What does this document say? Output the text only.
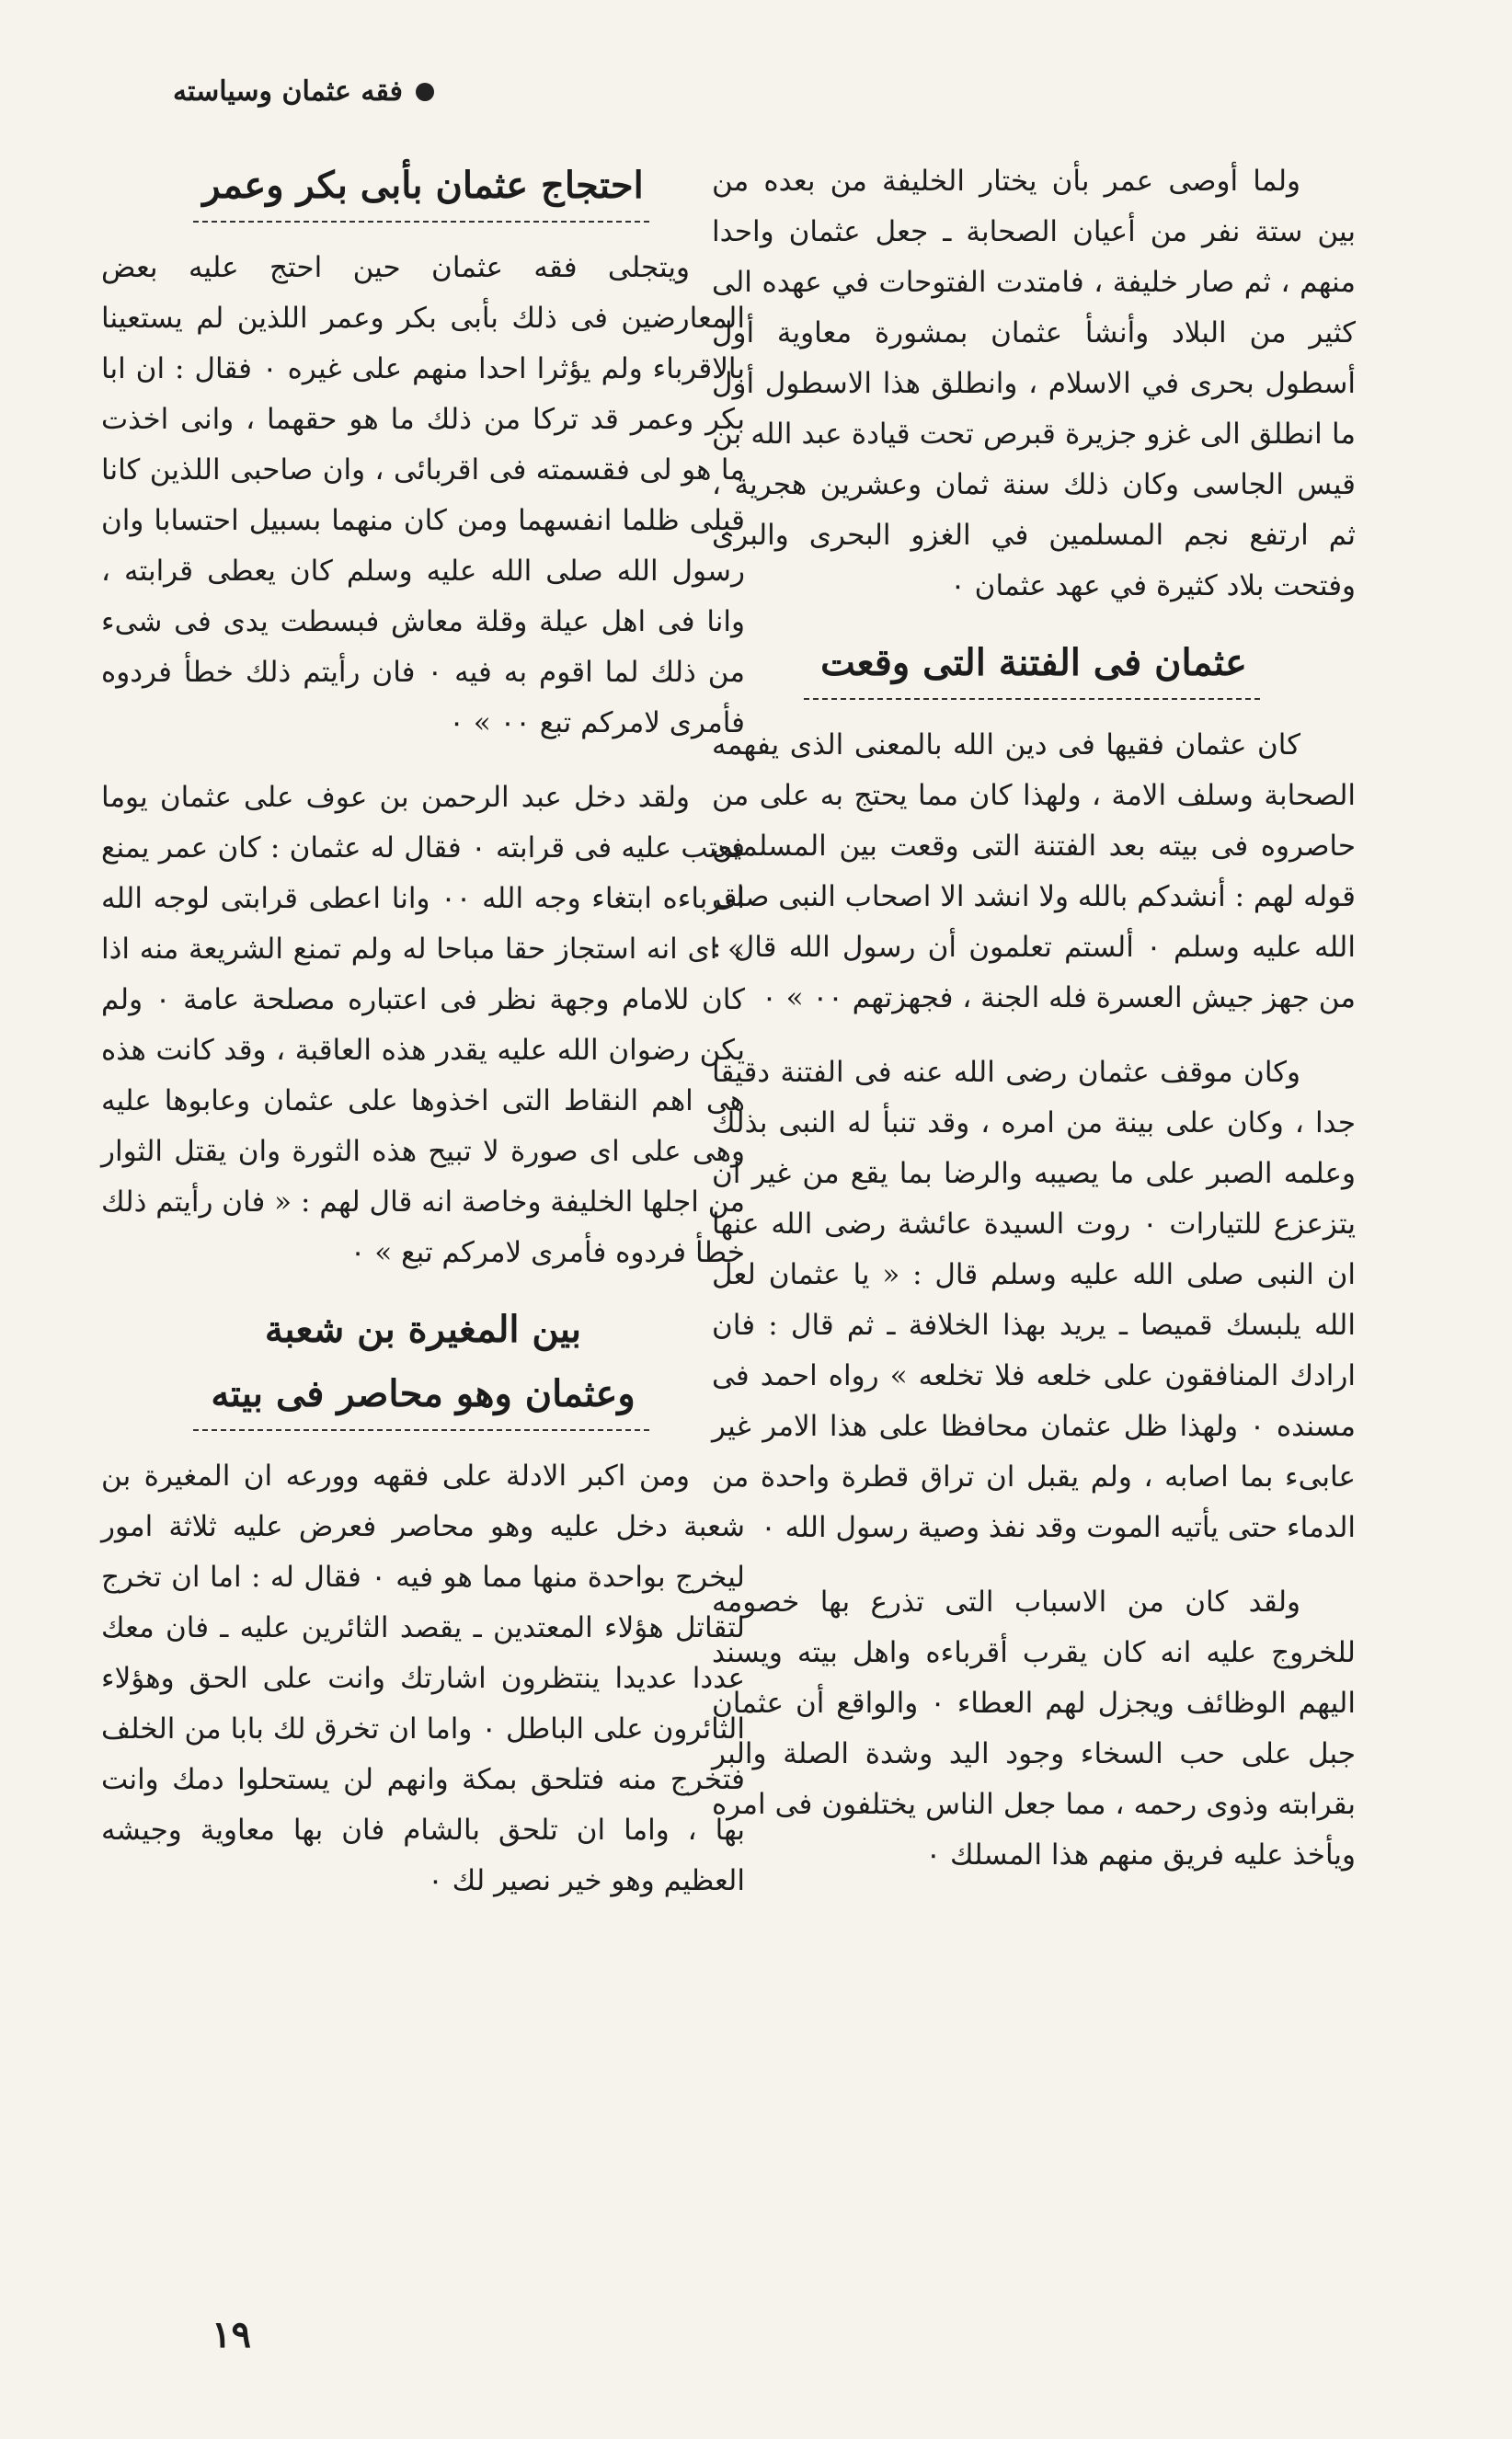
فقه عثمان وسياسته

ولما أوصى عمر بأن يختار الخليفة من بعده من بين ستة نفر من أعيان الصحابة ـ جعل عثمان واحدا منهم ، ثم صار خليفة ، فامتدت الفتوحات في عهده الى كثير من البلاد وأنشأ عثمان بمشورة معاوية أول أسطول بحرى في الاسلام ، وانطلق هذا الاسطول أول ما انطلق الى غزو جزيرة قبرص تحت قيادة عبد الله بن قيس الجاسى وكان ذلك سنة ثمان وعشرين هجرية ، ثم ارتفع نجم المسلمين في الغزو البحرى والبرى وفتحت بلاد كثيرة في عهد عثمان ٠

عثمان فى الفتنة التى وقعت

كان عثمان فقيها فى دين الله بالمعنى الذى يفهمه الصحابة وسلف الامة ، ولهذا كان مما يحتج به على من حاصروه فى بيته بعد الفتنة التى وقعت بين المسلمين قوله لهم : أنشدكم بالله ولا انشد الا اصحاب النبى صلى الله عليه وسلم ٠ ألستم تعلمون أن رسول الله قال : من جهز جيش العسرة فله الجنة ، فجهزتهم ٠٠ » ٠

وكان موقف عثمان رضى الله عنه فى الفتنة دقيقا جدا ، وكان على بينة من امره ، وقد تنبأ له النبى بذلك وعلمه الصبر على ما يصيبه والرضا بما يقع من غير ان يتزعزع للتيارات ٠ روت السيدة عائشة رضى الله عنها ان النبى صلى الله عليه وسلم قال : « يا عثمان لعل الله يلبسك قميصا ـ يريد بهذا الخلافة ـ ثم قال : فان ارادك المنافقون على خلعه فلا تخلعه » رواه احمد فى مسنده ٠ ولهذا ظل عثمان محافظا على هذا الامر غير عابىء بما اصابه ، ولم يقبل ان تراق قطرة واحدة من الدماء حتى يأتيه الموت وقد نفذ وصية رسول الله ٠

ولقد كان من الاسباب التى تذرع بها خصومه للخروج عليه انه كان يقرب أقرباءه واهل بيته ويسند اليهم الوظائف ويجزل لهم العطاء ٠ والواقع أن عثمان جبل على حب السخاء وجود اليد وشدة الصلة والبر بقرابته وذوى رحمه ، مما جعل الناس يختلفون فى امره ويأخذ عليه فريق منهم هذا المسلك ٠

احتجاج عثمان بأبى بكر وعمر

ويتجلى فقه عثمان حين احتج عليه بعض المعارضين فى ذلك بأبى بكر وعمر اللذين لم يستعينا بالاقرباء ولم يؤثرا احدا منهم على غيره ٠ فقال : ان ابا بكر وعمر قد تركا من ذلك ما هو حقهما ، وانى اخذت ما هو لى فقسمته فى اقربائى ، وان صاحبى اللذين كانا قبلى ظلما انفسهما ومن كان منهما بسبيل احتسابا وان رسول الله صلى الله عليه وسلم كان يعطى قرابته ، وانا فى اهل عيلة وقلة معاش فبسطت يدى فى شىء من ذلك لما اقوم به فيه ٠ فان رأيتم ذلك خطأ فردوه فأمرى لامركم تبع ٠٠ » ٠

ولقد دخل عبد الرحمن بن عوف على عثمان يوما فعتب عليه فى قرابته ٠ فقال له عثمان : كان عمر يمنع اقرباءه ابتغاء وجه الله ٠٠ وانا اعطى قرابتى لوجه الله » اى انه استجاز حقا مباحا له ولم تمنع الشريعة منه اذا كان للامام وجهة نظر فى اعتباره مصلحة عامة ٠ ولم يكن رضوان الله عليه يقدر هذه العاقبة ، وقد كانت هذه هى اهم النقاط التى اخذوها على عثمان وعابوها عليه وهى على اى صورة لا تبيح هذه الثورة وان يقتل الثوار من اجلها الخليفة وخاصة انه قال لهم : « فان رأيتم ذلك خطأ فردوه فأمرى لامركم تبع » ٠

بين المغيرة بن شعبة
وعثمان وهو محاصر فى بيته

ومن اكبر الادلة على فقهه وورعه ان المغيرة بن شعبة دخل عليه وهو محاصر فعرض عليه ثلاثة امور ليخرج بواحدة منها مما هو فيه ٠ فقال له : اما ان تخرج لتقاتل هؤلاء المعتدين ـ يقصد الثائرين عليه ـ فان معك عددا عديدا ينتظرون اشارتك وانت على الحق وهؤلاء الثائرون على الباطل ٠ واما ان تخرق لك بابا من الخلف فتخرج منه فتلحق بمكة وانهم لن يستحلوا دمك وانت بها ، واما ان تلحق بالشام فان بها معاوية وجيشه العظيم وهو خير نصير لك ٠

١٩
